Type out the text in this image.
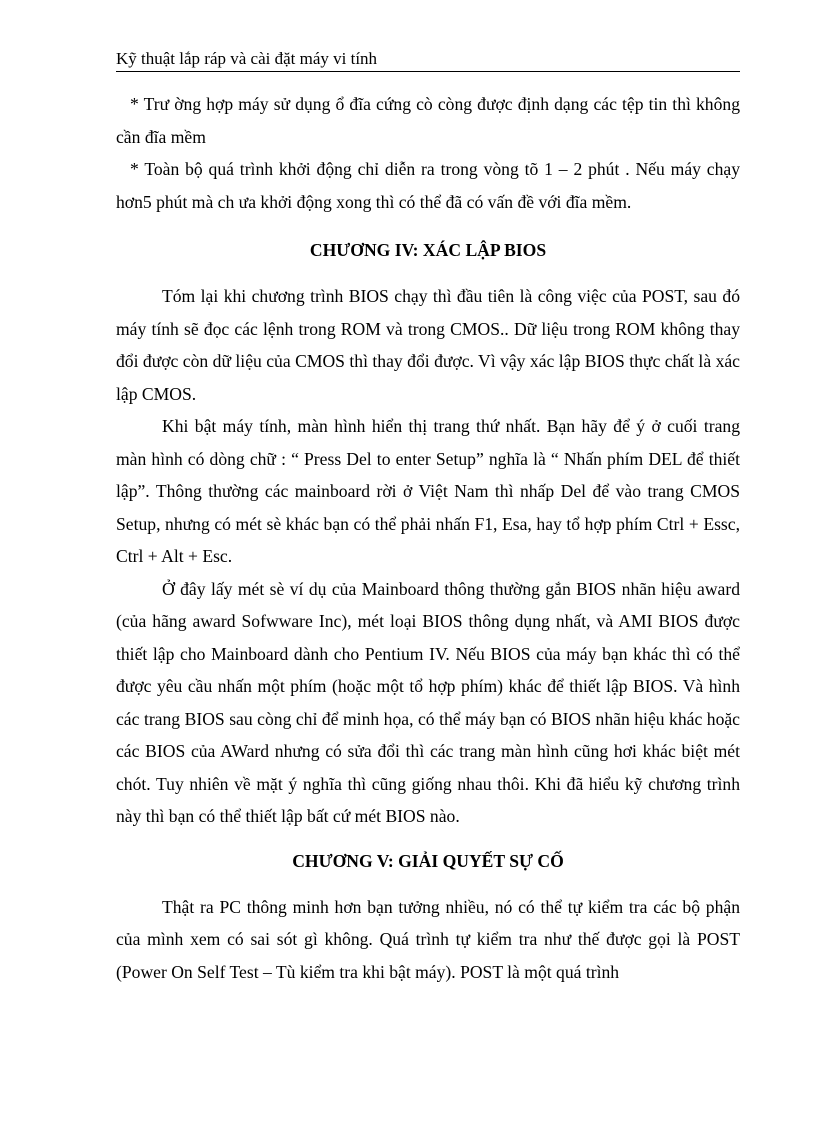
Kỹ thuật lắp ráp và cài đặt máy vi tính

* Trư ờng hợp máy sử dụng ổ đĩa cứng cò còng được định dạng các tệp tin thì không cần đĩa mềm

* Toàn bộ quá trình khởi động chỉ diễn ra trong vòng tõ 1 – 2 phút . Nếu máy chạy hơn5 phút mà ch ưa khởi động xong thì có thể đã có vấn đề với đĩa mềm.

CHƯƠNG IV: XÁC LẬP BIOS

Tóm lại khi chương trình BIOS chạy thì đầu tiên là công việc của POST, sau đó máy tính sẽ đọc các lệnh trong ROM và trong CMOS.. Dữ liệu trong ROM không thay đổi được còn dữ liệu của CMOS thì thay đổi được. Vì vậy xác lập BIOS thực chất là xác lập CMOS.

Khi bật máy tính, màn hình hiển thị trang thứ nhất. Bạn hãy để ý ở cuối trang màn hình có dòng chữ : “ Press Del to enter Setup” nghĩa là “ Nhấn phím DEL để thiết lập”. Thông thường các mainboard rời ở Việt Nam thì nhấp Del để vào trang CMOS Setup, nhưng có mét sè khác bạn có thể phải nhấn F1, Esa, hay tổ hợp phím Ctrl + Essc, Ctrl + Alt + Esc.

Ở đây lấy mét sè ví dụ của Mainboard thông thường gắn BIOS nhãn hiệu award (của hãng award Sofwware Inc), mét loại BIOS thông dụng nhất, và AMI BIOS được thiết lập cho Mainboard dành cho Pentium IV. Nếu BIOS của máy bạn khác thì có thể được yêu cầu nhấn một phím (hoặc một tổ hợp phím) khác để thiết lập BIOS. Và hình các trang BIOS sau còng chỉ để minh họa, có thể máy bạn có BIOS nhãn hiệu khác hoặc các BIOS của AWard nhưng có sửa đổi thì các trang màn hình cũng hơi khác biệt mét chót. Tuy nhiên về mặt ý nghĩa thì cũng giống nhau thôi. Khi đã hiểu kỹ chương trình này thì bạn có thể thiết lập bất cứ mét BIOS nào.

CHƯƠNG V: GIẢI QUYẾT SỰ CỐ

Thật ra PC thông minh hơn bạn tưởng nhiều, nó có thể tự kiểm tra các bộ phận của mình xem có sai sót gì không. Quá trình tự kiểm tra như thế được gọi là POST (Power On Self Test – Tù kiểm tra khi bật máy). POST là một quá trình
